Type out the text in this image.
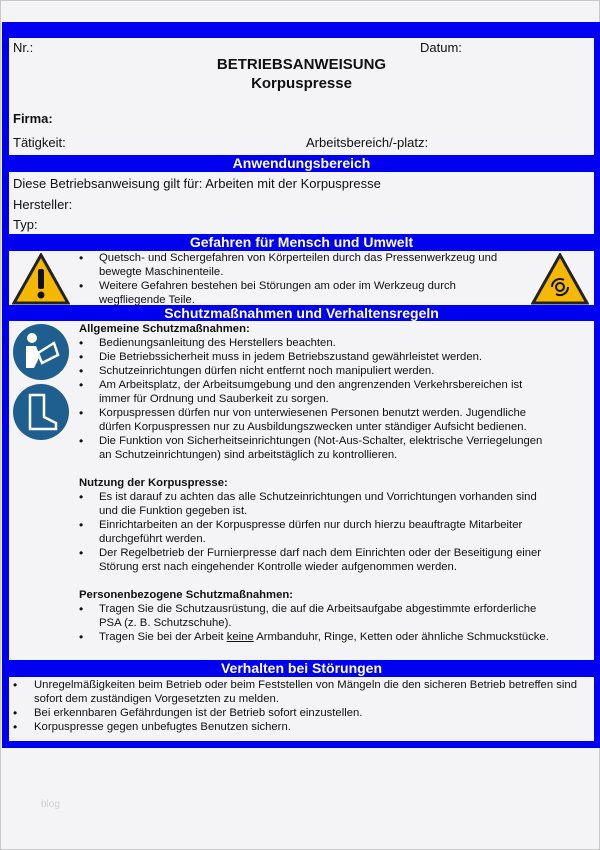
Nr.:	Datum:
BETRIEBSANWEISUNG
Korpuspresse
Firma:
Tätigkeit:	Arbeitsbereich/-platz:
Anwendungsbereich
Diese Betriebsanweisung gilt für: Arbeiten mit der Korpuspresse
Hersteller:
Typ:
Gefahren für Mensch und Umwelt
• Quetsch- und Schergefahren von Körperteilen durch das Pressenwerkzeug und bewegte Maschinenteile.
• Weitere Gefahren bestehen bei Störungen am oder im Werkzeug durch wegfliegende Teile.
Schutzmaßnahmen und Verhaltensregeln
Allgemeine Schutzmaßnahmen:
• Bedienungsanleitung des Herstellers beachten.
• Die Betriebssicherheit muss in jedem Betriebszustand gewährleistet werden.
• Schutzeinrichtungen dürfen nicht entfernt noch manipuliert werden.
• Am Arbeitsplatz, der Arbeitsumgebung und den angrenzenden Verkehrsbereichen ist immer für Ordnung und Sauberkeit zu sorgen.
• Korpuspressen dürfen nur von unterwiesenen Personen benutzt werden. Jugendliche dürfen Korpuspressen nur zu Ausbildungszwecken unter ständiger Aufsicht bedienen.
• Die Funktion von Sicherheitseinrichtungen (Not-Aus-Schalter, elektrische Verriegelungen an Schutzeinrichtungen) sind arbeitstäglich zu kontrollieren.
Nutzung der Korpuspresse:
• Es ist darauf zu achten das alle Schutzeinrichtungen und Vorrichtungen vorhanden sind und die Funktion gegeben ist.
• Einrichtarbeiten an der Korpuspresse dürfen nur durch hierzu beauftragte Mitarbeiter durchgeführt werden.
• Der Regelbetrieb der Furnierpresse darf nach dem Einrichten oder der Beseitigung einer Störung erst nach eingehender Kontrolle wieder aufgenommen werden.
Personenbezogene Schutzmaßnahmen:
• Tragen Sie die Schutzausrüstung, die auf die Arbeitsaufgabe abgestimmte erforderliche PSA (z. B. Schutzschuhe).
• Tragen Sie bei der Arbeit keine Armbanduhr, Ringe, Ketten oder ähnliche Schmuckstücke.
Verhalten bei Störungen
• Unregelmäßigkeiten beim Betrieb oder beim Feststellen von Mängeln die den sicheren Betrieb betreffen sind sofort dem zuständigen Vorgesetzten zu melden.
• Bei erkennbaren Gefährdungen ist der Betrieb sofort einzustellen.
• Korpuspresse gegen unbefugtes Benutzen sichern.
blog
